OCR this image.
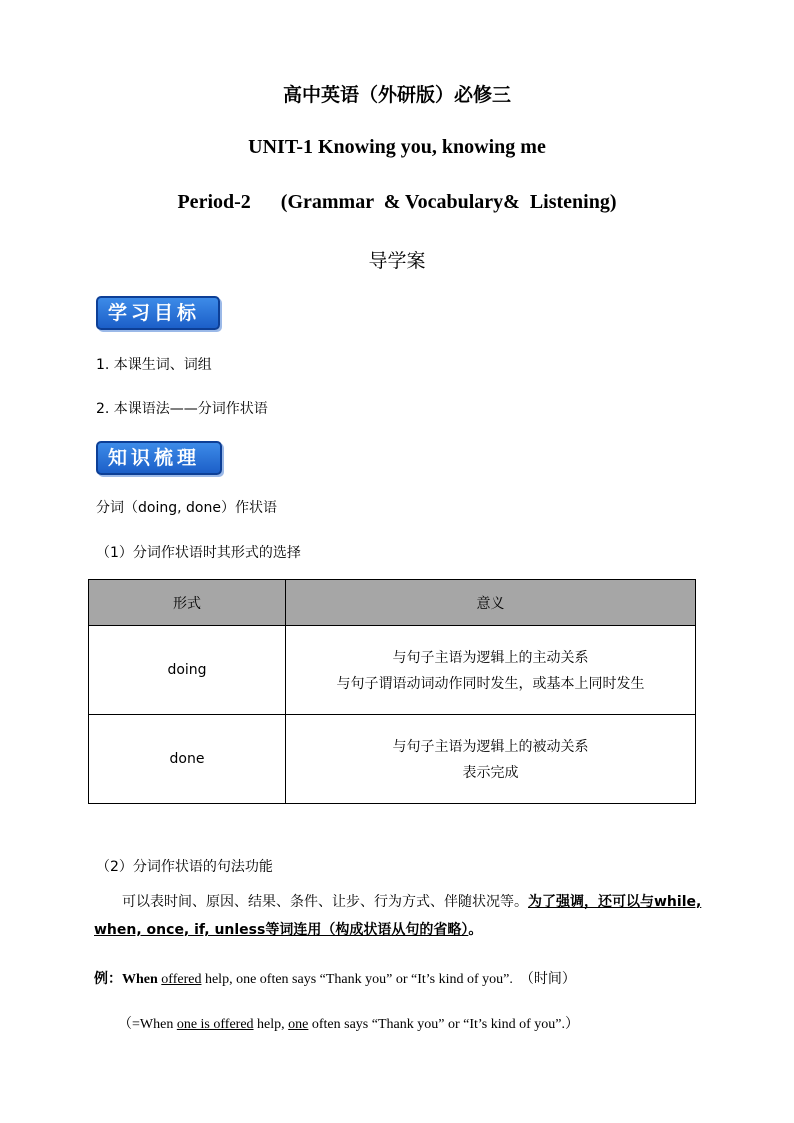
高中英语（外研版）必修三
UNIT-1 Knowing you, knowing me
Period-2      (Grammar  & Vocabulary&  Listening)
导学案
学习目标
1. 本课生词、词组
2. 本课语法——分词作状语
知识梳理
分词（doing, done）作状语
（1）分词作状语时其形式的选择
形式	意义
doing	与句子主语为逻辑上的主动关系
与句子谓语动词动作同时发生，或基本上同时发生

done	与句子主语为逻辑上的被动关系
表示完成
（2）分词作状语的句法功能
可以表时间、原因、结果、条件、让步、行为方式、伴随状况等。为了强调，还可以与while, when, once, if, unless等词连用（构成状语从句的省略）。
例：When offered help, one often says “Thank you” or “It’s kind of you”.  （时间）
（=When one is offered help, one often says “Thank you” or “It’s kind of you”.）
